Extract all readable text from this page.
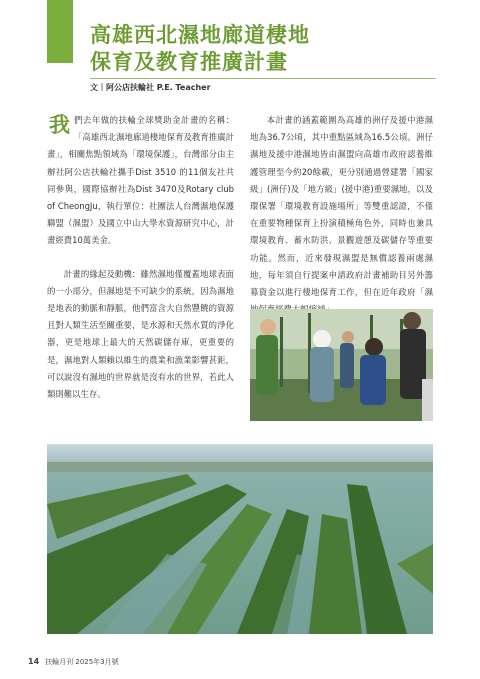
高雄西北濕地廊道棲地
保育及教育推廣計畫
文｜阿公店扶輪社 P.E. Teacher

我們去年做的扶輪全球獎助金計畫的名稱：「高雄西北濕地廊道棲地保育及教育推廣計畫」，相關焦點領域為「環境保護」，台灣部分由主辦社阿公店扶輪社攜手Dist 3510 的11個友社共同參與，國際協辦社為Dist 3470及Rotary club of CheongJu，執行單位：社團法人台灣濕地保護聯盟（濕盟）及國立中山大學水資源研究中心，計畫經費10萬美金。

計畫的緣起及動機：雖然濕地僅覆蓋地球表面的一小部分，但濕地是不可缺少的系統，因為濕地是地表的動脈和靜脈，他們富含大自然豐饒的資源且對人類生活至關重要，是水源和天然水質的淨化器，更是地球上最大的天然碳儲存庫，更重要的是，濕地對人類賴以維生的農業和漁業影響甚鉅，可以說沒有濕地的世界就是沒有水的世界，若此人類則難以生存。

本計畫的涵蓋範圍為高雄的洲仔及援中港濕地為36.7公頃，其中重點區域為16.5公頃。洲仔濕地及援中港濕地皆由濕盟向高雄市政府認養維護管理至今約20餘載，更分別通過營建署「國家級」(洲仔)及「地方級」(援中港)重要濕地，以及環保署「環境教育設施場所」等雙重認證，不僅在重要物種保育上扮演積極角色外，同時也兼具環境教育、蓄水防洪、景觀遊憩及碳儲存等重要功能。然而，近來發現濕盟是無償認養兩處濕地，每年須自行提案申請政府計畫補助目另外籌募資金以進行棲地保育工作，但在近年政府「濕

14 扶輪月刊 2025年3月號
